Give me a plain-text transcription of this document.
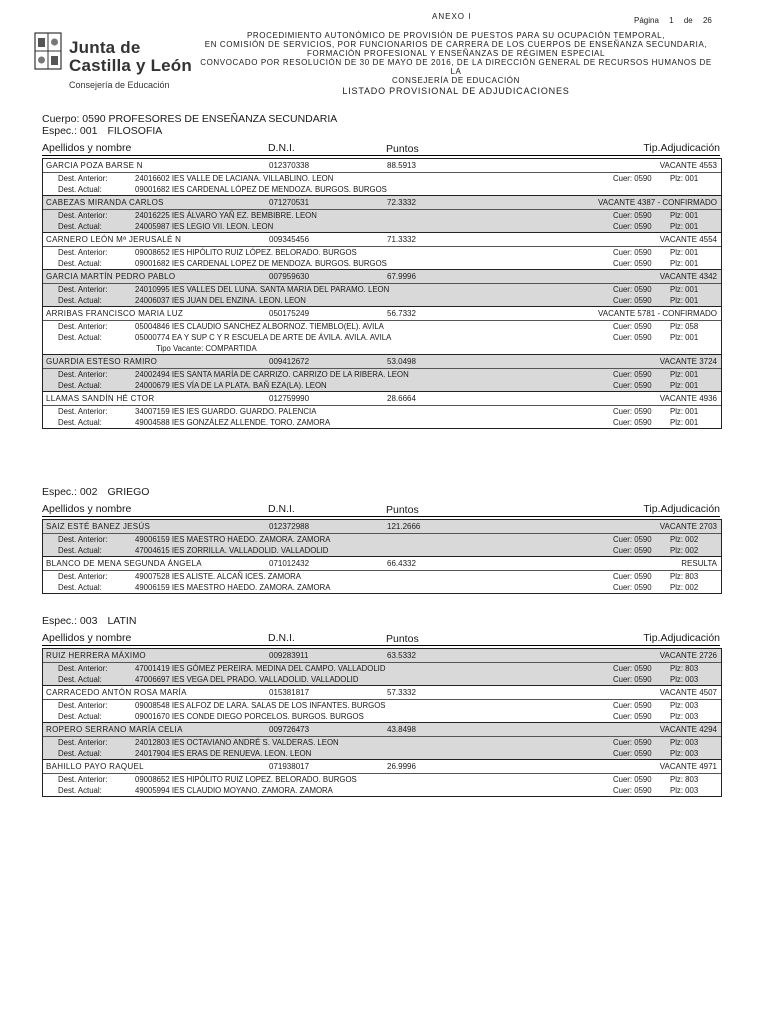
Junta de
Castilla y León
Consejería de Educación
ANEXO I	Página 1 de 26
PROCEDIMIENTO AUTONÓMICO DE PROVISIÓN DE PUESTOS PARA SU OCUPACIÓN TEMPORAL,
EN COMISIÓN DE SERVICIOS, POR FUNCIONARIOS DE CARRERA DE LOS CUERPOS DE ENSEÑANZA SECUNDARIA,
FORMACIÓN PROFESIONAL Y ENSEÑANZAS DE RÉGIMEN ESPECIAL
CONVOCADO POR RESOLUCIÓN DE 30 DE MAYO DE 2016, DE LA DIRECCIÓN GENERAL DE RECURSOS HUMANOS DE LA
CONSEJERÍA DE EDUCACIÓN
LISTADO PROVISIONAL DE ADJUDICACIONES
Cuerpo: 0590 PROFESORES DE ENSEÑANZA SECUNDARIA
Espec.: 001 FILOSOFIA
Apellidos y nombre	D.N.I.	Puntos	Tip.Adjudicación
GARCIA POZA BARSE N	012370338	88.5913	VACANTE 4553
Dest. Anterior:	24016602 IES VALLE DE LACIANA. VILLABLINO. LEON	Cuer: 0590 Plz: 001
Dest. Actual:	09001682 IES CARDENAL LÓPEZ DE MENDOZA. BURGOS. BURGOS
CABEZAS MIRANDA CARLOS	071270531	72.3332	VACANTE 4387 - CONFIRMADO
Dest. Anterior:	24016225 IES ÁLVARO YAÑ EZ. BEMBIBRE. LEON	Cuer: 0590 Plz: 001
Dest. Actual:	24005987 IES LEGIO VII. LEON. LEON	Cuer: 0590 Plz: 001
CARNERO LEÓN Mª JERUSALÉ N	009345456	71.3332	VACANTE 4554
Dest. Anterior:	09008652 IES HIPÓLITO RUIZ LÓPEZ. BELORADO. BURGOS	Cuer: 0590 Plz: 001
Dest. Actual:	09001682 IES CARDENAL LOPEZ DE MENDOZA. BURGOS. BURGOS	Cuer: 0590 Plz: 001
GARCIA MARTÍN PEDRO PABLO	007959630	67.9996	VACANTE 4342
Dest. Anterior:	24010995 IES VALLES DEL LUNA. SANTA MARIA DEL PARAMO. LEON	Cuer: 0590 Plz: 001
Dest. Actual:	24006037 IES JUAN DEL ENZINA. LEON. LEON	Cuer: 0590 Plz: 001
ARRIBAS FRANCISCO MARIA LUZ	050175249	56.7332	VACANTE 5781 - CONFIRMADO
Dest. Anterior:	05004846 IES CLAUDIO SANCHEZ ALBORNOZ. TIEMBLO(EL). AVILA	Cuer: 0590 Plz: 058
Dest. Actual:	05000774 EA Y SUP C Y R ESCUELA DE ARTE DE ÁVILA. AVILA. AVILA	Cuer: 0590 Plz: 001
Tipo Vacante: COMPARTIDA
GUARDIA ESTESO RAMIRO	009412672	53.0498	VACANTE 3724
Dest. Anterior:	24002494 IES SANTA MARÍA DE CARRIZO. CARRIZO DE LA RIBERA. LEON	Cuer: 0590 Plz: 001
Dest. Actual:	24000679 IES VÍA DE LA PLATA. BAÑ EZA(LA). LEON	Cuer: 0590 Plz: 001
LLAMAS SANDÍN HÉ CTOR	012759990	28.6664	VACANTE 4936
Dest. Anterior:	34007159 IES IES GUARDO. GUARDO. PALENCIA	Cuer: 0590 Plz: 001
Dest. Actual:	49004588 IES GONZÁLEZ ALLENDE. TORO. ZAMORA	Cuer: 0590 Plz: 001
Espec.: 002 GRIEGO
Apellidos y nombre	D.N.I.	Puntos	Tip.Adjudicación
SAIZ ESTÉ BANEZ JESÚS	012372988	121.2666	VACANTE 2703
Dest. Anterior:	49006159 IES MAESTRO HAEDO. ZAMORA. ZAMORA	Cuer: 0590 Plz: 002
Dest. Actual:	47004615 IES ZORRILLA. VALLADOLID. VALLADOLID	Cuer: 0590 Plz: 002
BLANCO DE MENA SEGUNDA ÁNGELA	071012432	66.4332	RESULTA
Dest. Anterior:	49007528 IES ALISTE. ALCAÑ ICES. ZAMORA	Cuer: 0590 Plz: 803
Dest. Actual:	49006159 IES MAESTRO HAEDO. ZAMORA. ZAMORA	Cuer: 0590 Plz: 002
Espec.: 003 LATIN
Apellidos y nombre	D.N.I.	Puntos	Tip.Adjudicación
RUIZ HERRERA MÁXIMO	009283911	63.5332	VACANTE 2726
Dest. Anterior:	47001419 IES GÓMEZ PEREIRA. MEDINA DEL CAMPO. VALLADOLID	Cuer: 0590 Plz: 803
Dest. Actual:	47006697 IES VEGA DEL PRADO. VALLADOLID. VALLADOLID	Cuer: 0590 Plz: 003
CARRACEDO ANTÓN ROSA MARÍA	015381817	57.3332	VACANTE 4507
Dest. Anterior:	09008548 IES ALFOZ DE LARA. SALAS DE LOS INFANTES. BURGOS	Cuer: 0590 Plz: 003
Dest. Actual:	09001670 IES CONDE DIEGO PORCELOS. BURGOS. BURGOS	Cuer: 0590 Plz: 003
ROPERO SERRANO MARÍA CELIA	009726473	43.8498	VACANTE 4294
Dest. Anterior:	24012803 IES OCTAVIANO ANDRÉ S. VALDERAS. LEON	Cuer: 0590 Plz: 003
Dest. Actual:	24017904 IES ERAS DE RENUEVA. LEON. LEON	Cuer: 0590 Plz: 003
BAHILLO PAYO RAQUEL	071938017	26.9996	VACANTE 4971
Dest. Anterior:	09008652 IES HIPÓLITO RUIZ LOPEZ. BELORADO. BURGOS	Cuer: 0590 Plz: 803
Dest. Actual:	49005994 IES CLAUDIO MOYANO. ZAMORA. ZAMORA	Cuer: 0590 Plz: 003
